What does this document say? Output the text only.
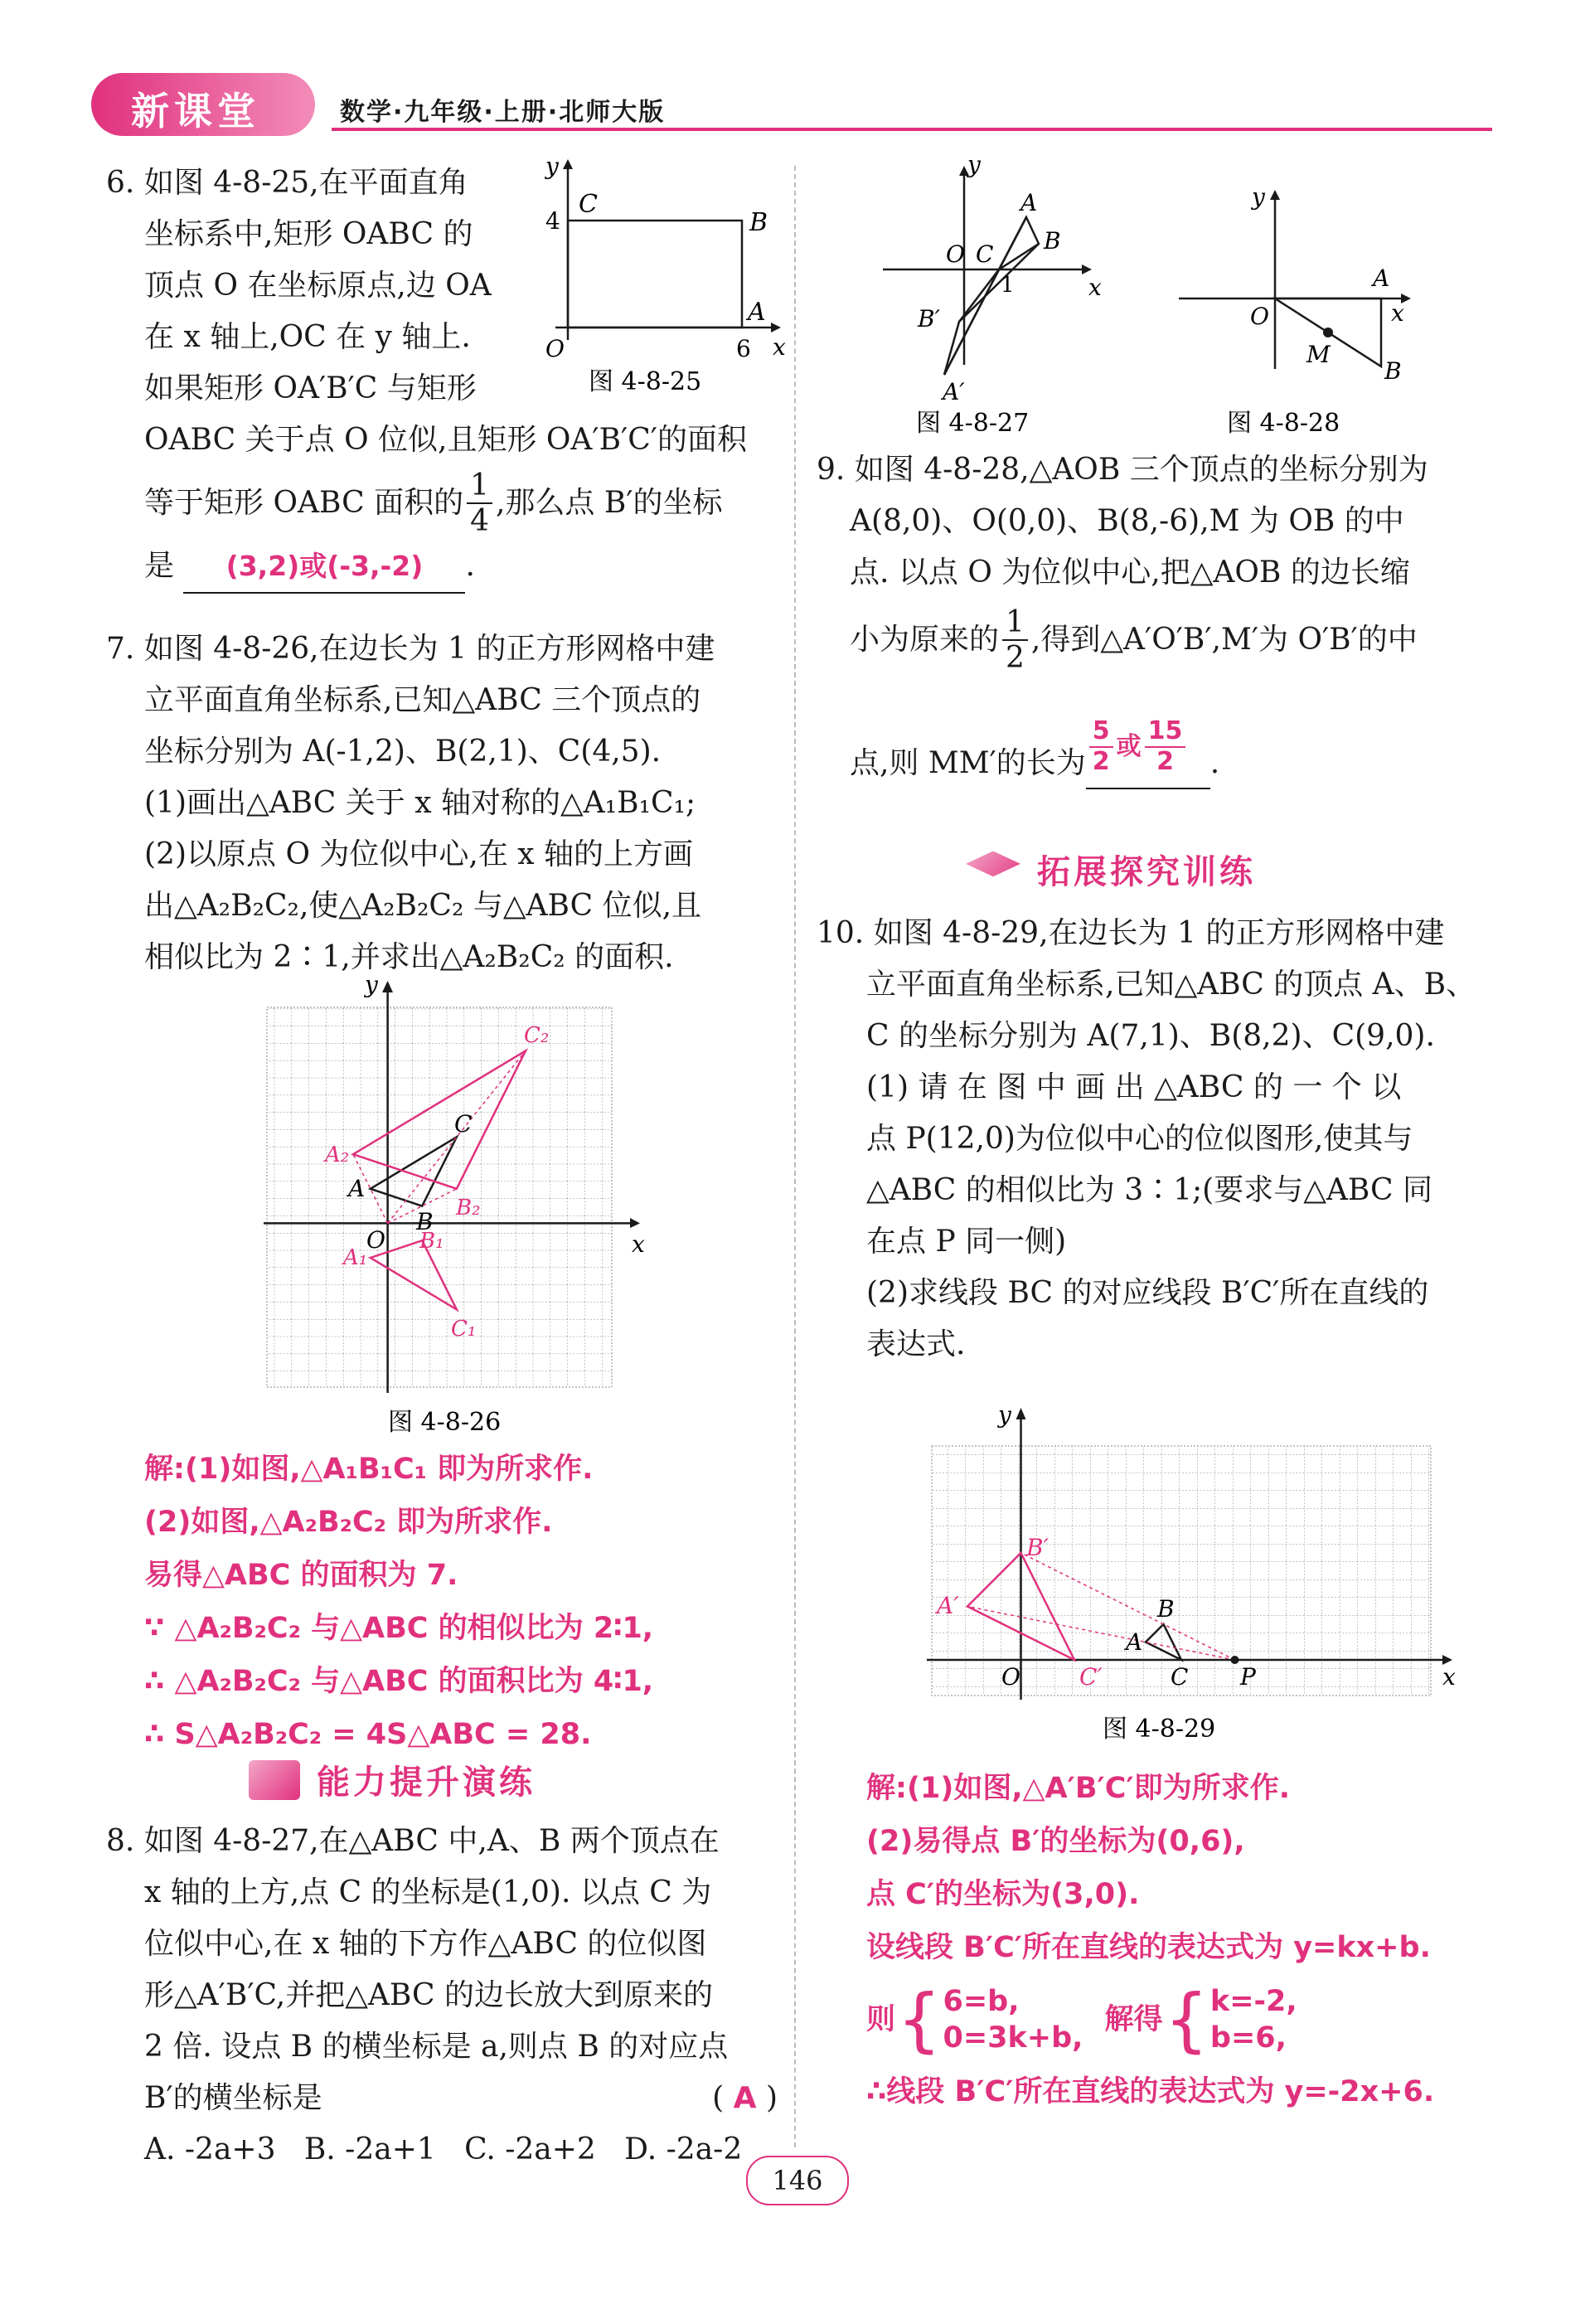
新课堂	数学·九年级·上册·北师大版
6. 如图 4-8-25,在平面直角
坐标系中,矩形 OABC 的
顶点 O 在坐标原点,边 OA
在 x 轴上,OC 在 y 轴上.
如果矩形 OA′B′C 与矩形
OABC 关于点 O 位似,且矩形 OA′B′C′的面积
等于矩形 OABC 面积的 $\frac{1}{4}$ ,那么点 B′的坐标
是 (3,2)或(-3,-2) .
y
x
O
4
6
C
B
A
图 4-8-25
7. 如图 4-8-26,在边长为 1 的正方形网格中建
立平面直角坐标系,已知△ABC 三个顶点的
坐标分别为 A(-1,2)、B(2,1)、C(4,5).
(1)画出△ABC 关于 x 轴对称的△A₁B₁C₁;
(2)以原点 O 为位似中心,在 x 轴的上方画
出△A₂B₂C₂,使△A₂B₂C₂ 与△ABC 位似,且
相似比为 2∶1,并求出△A₂B₂C₂ 的面积.
y
x
O
A
B
C
A₁
B₁
C₁
A₂
B₂
C₂
图 4-8-26
解:(1)如图,△A₁B₁C₁ 即为所求作.
(2)如图,△A₂B₂C₂ 即为所求作.
易得△ABC 的面积为 7.
∵ △A₂B₂C₂ 与△ABC 的相似比为 2∶1,
∴ △A₂B₂C₂ 与△ABC 的面积比为 4∶1,
∴ S△A₂B₂C₂ = 4S△ABC = 28.
能力提升演练
8. 如图 4-8-27,在△ABC 中,A、B 两个顶点在
x 轴的上方,点 C 的坐标是(1,0). 以点 C 为
位似中心,在 x 轴的下方作△ABC 的位似图
形△A′B′C,并把△ABC 的边长放大到原来的
2 倍. 设点 B 的横坐标是 a,则点 B 的对应点
B′的横坐标是	( A )
A. -2a+3   B. -2a+1   C. -2a+2   D. -2a-2
y
x
O C
1
A
B
B′
A′
图 4-8-27
y
x
O
A
B
M
图 4-8-28
9. 如图 4-8-28,△AOB 三个顶点的坐标分别为
A(8,0)、O(0,0)、B(8,-6),M 为 OB 的中
点. 以点 O 为位似中心,把△AOB 的边长缩
小为原来的 $\frac{1}{2}$ ,得到△A′O′B′,M′为 O′B′的中
点,则 MM′的长为 $\frac{5}{2}$ 或 $\frac{15}{2}$ .
拓展探究训练
10. 如图 4-8-29,在边长为 1 的正方形网格中建
立平面直角坐标系,已知△ABC 的顶点 A、B、
C 的坐标分别为 A(7,1)、B(8,2)、C(9,0).
(1) 请 在 图 中 画 出 △ABC 的 一 个 以
点 P(12,0)为位似中心的位似图形,使其与
△ABC 的相似比为 3∶1;(要求与△ABC 同
在点 P 同一侧)
(2)求线段 BC 的对应线段 B′C′所在直线的
表达式.
y
x
O
A
B
C P
A′
B′
C′
图 4-8-29
解:(1)如图,△A′B′C′即为所求作.
(2)易得点 B′的坐标为(0,6),
点 C′的坐标为(3,0).
设线段 B′C′所在直线的表达式为 y=kx+b.
则 { 6=b,
0=3k+b,
解得 { k=-2,
b=6,
∴线段 B′C′所在直线的表达式为 y=-2x+6.
146
